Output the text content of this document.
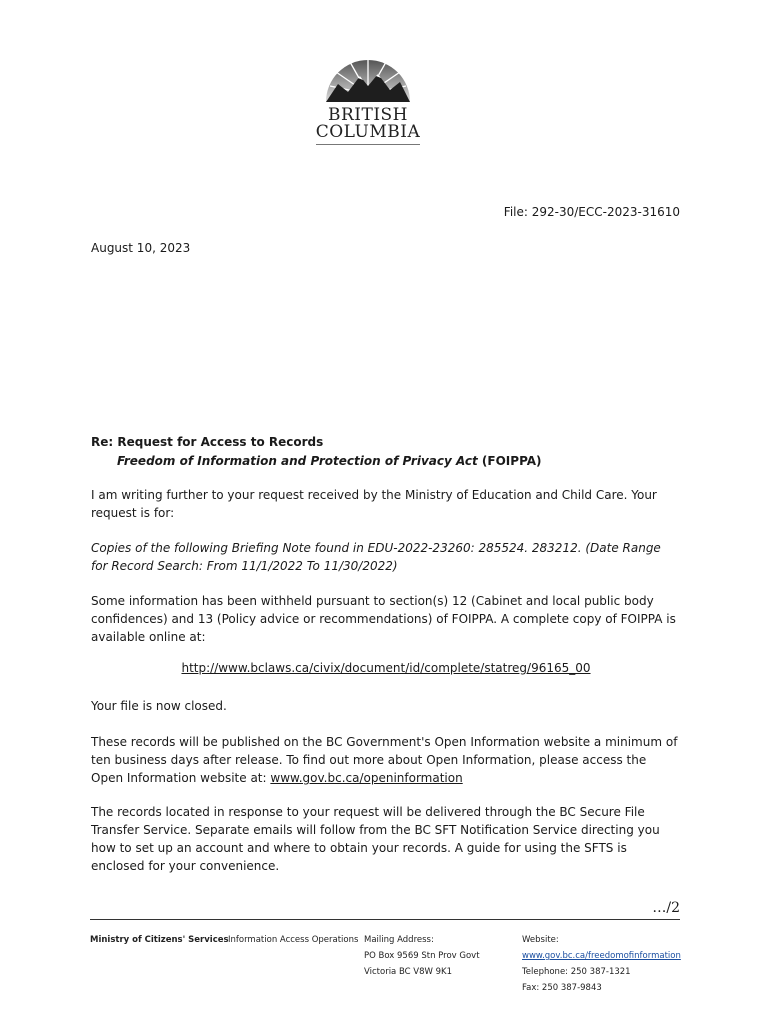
BRITISH
COLUMBIA
File: 292-30/ECC-2023-31610
August 10, 2023
Re: Request for Access to Records
Freedom of Information and Protection of Privacy Act (FOIPPA)
I am writing further to your request received by the Ministry of Education and Child Care. Your request is for:
Copies of the following Briefing Note found in EDU-2022-23260: 285524. 283212. (Date Range for Record Search: From 11/1/2022 To 11/30/2022)
Some information has been withheld pursuant to section(s) 12 (Cabinet and local public body confidences) and 13 (Policy advice or recommendations) of FOIPPA. A complete copy of FOIPPA is available online at:
http://www.bclaws.ca/civix/document/id/complete/statreg/96165_00
Your file is now closed.
These records will be published on the BC Government's Open Information website a minimum of ten business days after release. To find out more about Open Information, please access the Open Information website at: www.gov.bc.ca/openinformation
The records located in response to your request will be delivered through the BC Secure File Transfer Service. Separate emails will follow from the BC SFT Notification Service directing you how to set up an account and where to obtain your records. A guide for using the SFTS is enclosed for your convenience.
…/2
Ministry of Citizens' Services Information Access Operations Mailing Address:
PO Box 9569 Stn Prov Govt
Victoria BC V8W 9K1
Website:
www.gov.bc.ca/freedomofinformation
Telephone: 250 387-1321
Fax: 250 387-9843
